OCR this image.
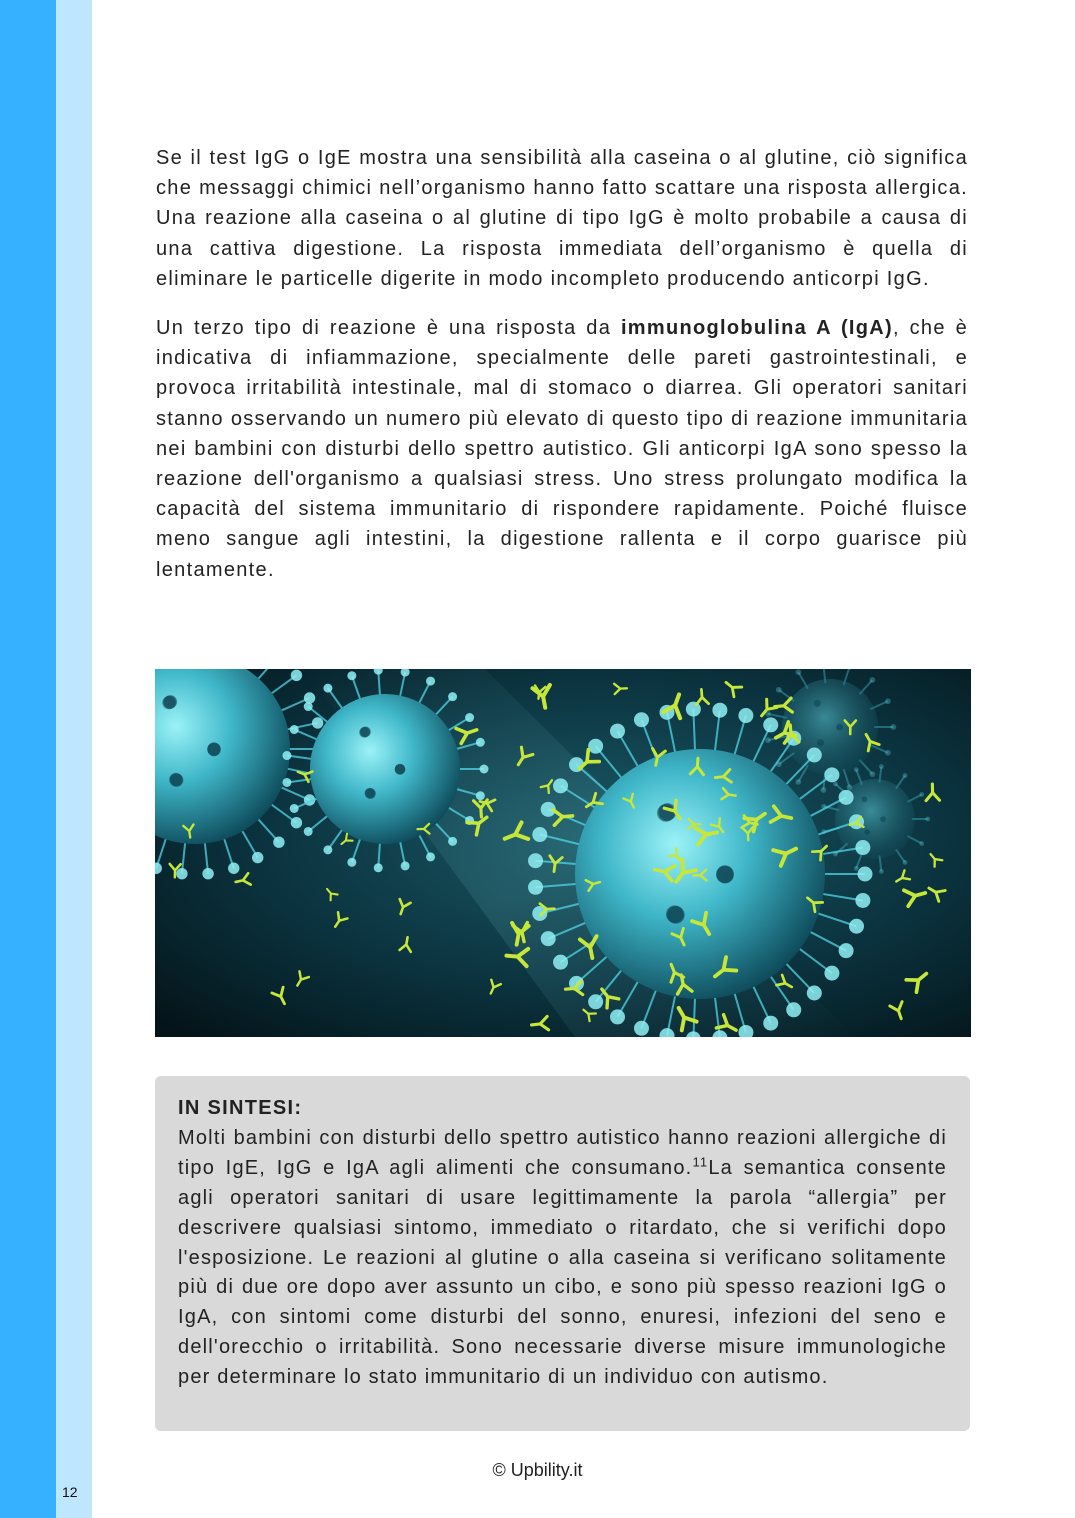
12

Se il test IgG o IgE mostra una sensibilità alla caseina o al glutine, ciò significa che messaggi chimici nell’organismo hanno fatto scattare una risposta allergica. Una reazione alla caseina o al glutine di tipo IgG è molto probabile a causa di una cattiva digestione. La risposta immediata dell’organismo è quella di eliminare le particelle digerite in modo incompleto producendo anticorpi IgG.

Un terzo tipo di reazione è una risposta da immunoglobulina A (IgA), che è indicativa di infiammazione, specialmente delle pareti gastrointestinali, e provoca irritabilità intestinale, mal di stomaco o diarrea. Gli operatori sanitari stanno osservando un numero più elevato di questo tipo di reazione immunitaria nei bambini con disturbi dello spettro autistico. Gli anticorpi IgA sono spesso la reazione dell'organismo a qualsiasi stress. Uno stress prolungato modifica la capacità del sistema immunitario di rispondere rapidamente. Poiché fluisce meno sangue agli intestini, la digestione rallenta e il corpo guarisce più lentamente.

IN SINTESI:

Molti bambini con disturbi dello spettro autistico hanno reazioni allergiche di tipo IgE, IgG e IgA agli alimenti che consumano.$^{11}$La semantica consente agli operatori sanitari di usare legittimamente la parola “allergia” per descrivere qualsiasi sintomo, immediato o ritardato, che si verifichi dopo l'esposizione. Le reazioni al glutine o alla caseina si verificano solitamente più di due ore dopo aver assunto un cibo, e sono più spesso reazioni IgG o IgA, con sintomi come disturbi del sonno, enuresi, infezioni del seno e dell'orecchio o irritabilità. Sono necessarie diverse misure immunologiche per determinare lo stato immunitario di un individuo con autismo.

© Upbility.it
